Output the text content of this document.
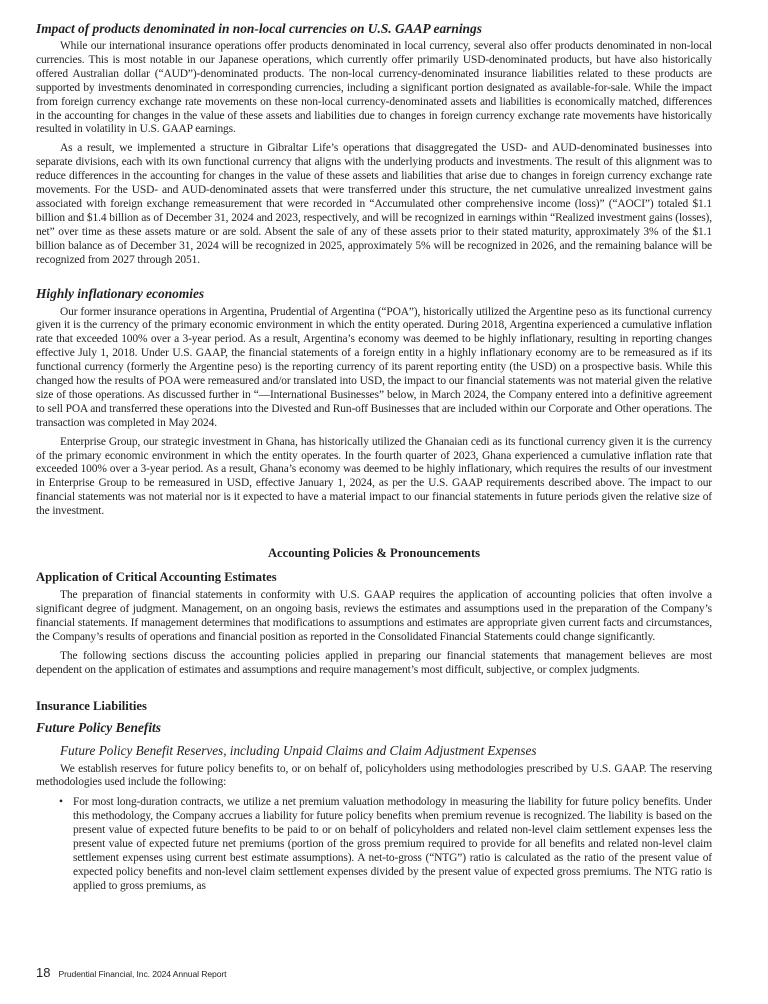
Impact of products denominated in non-local currencies on U.S. GAAP earnings

While our international insurance operations offer products denominated in local currency, several also offer products denominated in non-local currencies. This is most notable in our Japanese operations, which currently offer primarily USD-denominated products, but have also historically offered Australian dollar (“AUD”)-denominated products. The non-local currency-denominated insurance liabilities related to these products are supported by investments denominated in corresponding currencies, including a significant portion designated as available-for-sale. While the impact from foreign currency exchange rate movements on these non-local currency-denominated assets and liabilities is economically matched, differences in the accounting for changes in the value of these assets and liabilities due to changes in foreign currency exchange rate movements have historically resulted in volatility in U.S. GAAP earnings.

As a result, we implemented a structure in Gibraltar Life’s operations that disaggregated the USD- and AUD-denominated businesses into separate divisions, each with its own functional currency that aligns with the underlying products and investments. The result of this alignment was to reduce differences in the accounting for changes in the value of these assets and liabilities that arise due to changes in foreign currency exchange rate movements. For the USD- and AUD-denominated assets that were transferred under this structure, the net cumulative unrealized investment gains associated with foreign exchange remeasurement that were recorded in “Accumulated other comprehensive income (loss)” (“AOCI”) totaled $1.1 billion and $1.4 billion as of December 31, 2024 and 2023, respectively, and will be recognized in earnings within “Realized investment gains (losses), net” over time as these assets mature or are sold. Absent the sale of any of these assets prior to their stated maturity, approximately 3% of the $1.1 billion balance as of December 31, 2024 will be recognized in 2025, approximately 5% will be recognized in 2026, and the remaining balance will be recognized from 2027 through 2051.

Highly inflationary economies

Our former insurance operations in Argentina, Prudential of Argentina (“POA”), historically utilized the Argentine peso as its functional currency given it is the currency of the primary economic environment in which the entity operated. During 2018, Argentina experienced a cumulative inflation rate that exceeded 100% over a 3-year period. As a result, Argentina’s economy was deemed to be highly inflationary, resulting in reporting changes effective July 1, 2018. Under U.S. GAAP, the financial statements of a foreign entity in a highly inflationary economy are to be remeasured as if its functional currency (formerly the Argentine peso) is the reporting currency of its parent reporting entity (the USD) on a prospective basis. While this changed how the results of POA were remeasured and/or translated into USD, the impact to our financial statements was not material given the relative size of those operations. As discussed further in “—International Businesses” below, in March 2024, the Company entered into a definitive agreement to sell POA and transferred these operations into the Divested and Run-off Businesses that are included within our Corporate and Other operations. The transaction was completed in May 2024.

Enterprise Group, our strategic investment in Ghana, has historically utilized the Ghanaian cedi as its functional currency given it is the currency of the primary economic environment in which the entity operates. In the fourth quarter of 2023, Ghana experienced a cumulative inflation rate that exceeded 100% over a 3-year period. As a result, Ghana’s economy was deemed to be highly inflationary, which requires the results of our investment in Enterprise Group to be remeasured in USD, effective January 1, 2024, as per the U.S. GAAP requirements described above. The impact to our financial statements was not material nor is it expected to have a material impact to our financial statements in future periods given the relative size of the investment.

Accounting Policies & Pronouncements
Application of Critical Accounting Estimates

The preparation of financial statements in conformity with U.S. GAAP requires the application of accounting policies that often involve a significant degree of judgment. Management, on an ongoing basis, reviews the estimates and assumptions used in the preparation of the Company’s financial statements. If management determines that modifications to assumptions and estimates are appropriate given current facts and circumstances, the Company’s results of operations and financial position as reported in the Consolidated Financial Statements could change significantly.

The following sections discuss the accounting policies applied in preparing our financial statements that management believes are most dependent on the application of estimates and assumptions and require management’s most difficult, subjective, or complex judgments.

Insurance Liabilities
Future Policy Benefits
Future Policy Benefit Reserves, including Unpaid Claims and Claim Adjustment Expenses

We establish reserves for future policy benefits to, or on behalf of, policyholders using methodologies prescribed by U.S. GAAP. The reserving methodologies used include the following:

• For most long-duration contracts, we utilize a net premium valuation methodology in measuring the liability for future policy benefits. Under this methodology, the Company accrues a liability for future policy benefits when premium revenue is recognized. The liability is based on the present value of expected future benefits to be paid to or on behalf of policyholders and related non-level claim settlement expenses less the present value of expected future net premiums (portion of the gross premium required to provide for all benefits and related non-level claim settlement expenses using current best estimate assumptions). A net-to-gross (“NTG”) ratio is calculated as the ratio of the present value of expected policy benefits and non-level claim settlement expenses divided by the present value of expected gross premiums. The NTG ratio is applied to gross premiums, as
18 Prudential Financial, Inc. 2024 Annual Report
